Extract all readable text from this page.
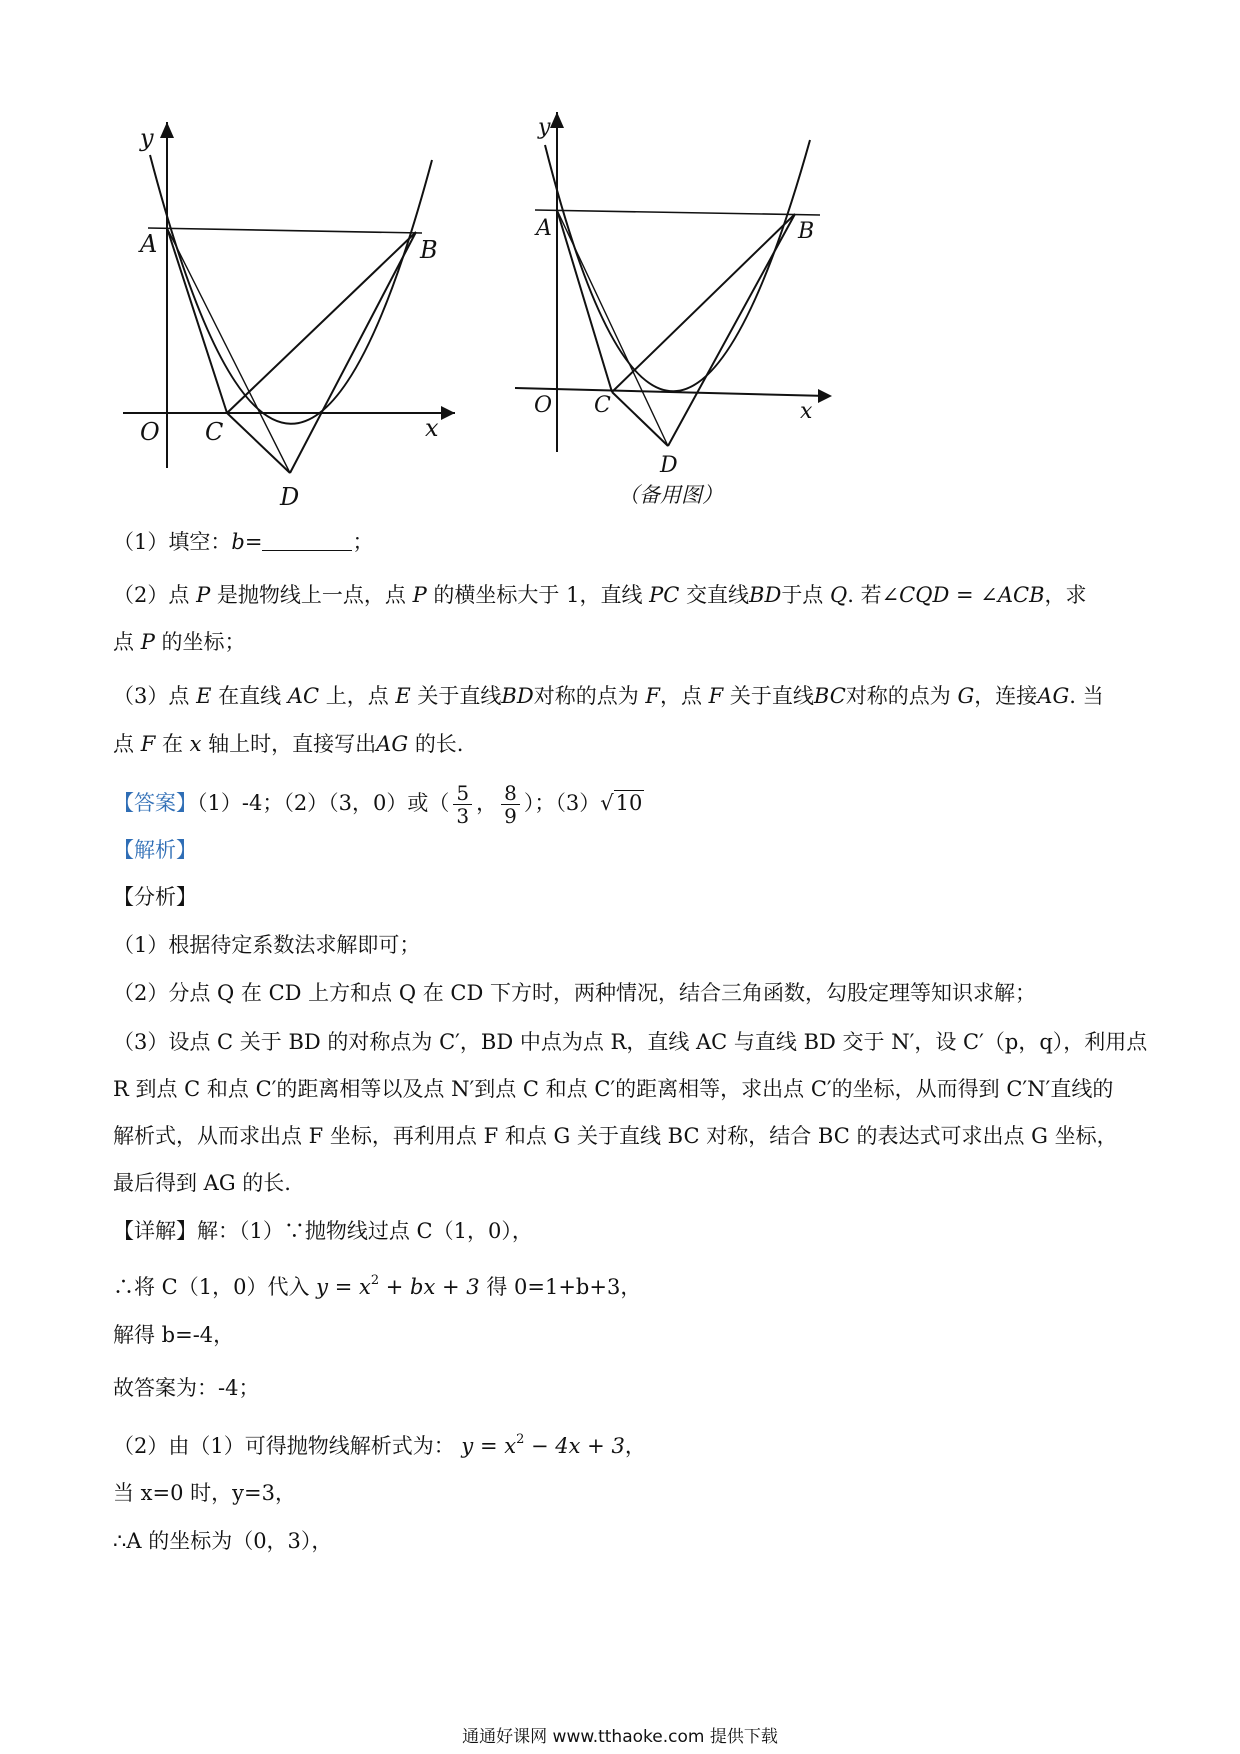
y
A	B
O C	x
D
y
A	B
O C	x
D
（备用图）
（1）填空：b=	；
（2）点 P 是抛物线上一点，点 P 的横坐标大于 1，直线 PC 交直线BD于点 Q. 若∠CQD = ∠ACB，求
点 P 的坐标；
（3）点 E 在直线 AC 上，点 E 关于直线BD对称的点为 F，点 F 关于直线BC对称的点为 G，连接AG. 当
点 F 在 x 轴上时，直接写出AG 的长.
【答案】（1）-4；（2）（3，0）或（ $\frac{5}{3}$ ， $\frac{8}{9}$ ）；（3）√10
【解析】
【分析】
（1）根据待定系数法求解即可；
（2）分点 Q 在 CD 上方和点 Q 在 CD 下方时，两种情况，结合三角函数，勾股定理等知识求解；
（3）设点 C 关于 BD 的对称点为 C′，BD 中点为点 R，直线 AC 与直线 BD 交于 N′，设 C′（p，q），利用点
R 到点 C 和点 C′的距离相等以及点 N′到点 C 和点 C′的距离相等，求出点 C′的坐标，从而得到 C′N′直线的
解析式，从而求出点 F 坐标，再利用点 F 和点 G 关于直线 BC 对称，结合 BC 的表达式可求出点 G 坐标，
最后得到 AG 的长.
【详解】解：（1）∵抛物线过点 C（1，0），
∴将 C（1，0）代入 $y = x^2$ + bx + 3 得 0=1+b+3，
解得 b=-4，
故答案为：-4；
（2）由（1）可得抛物线解析式为： $y = x^2 - 4x + 3$，
当 x=0 时，y=3，
∴A 的坐标为（0，3），
通通好课网 www.tthaoke.com 提供下载
